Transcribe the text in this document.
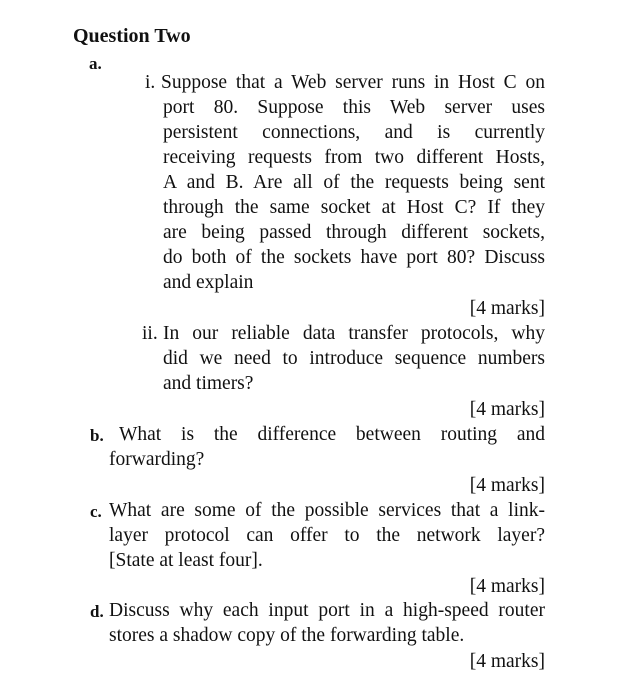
Question Two
a.
i. Suppose that a Web server runs in Host C on
port 80. Suppose this Web server uses
persistent connections, and is currently
receiving requests from two different Hosts,
A and B. Are all of the requests being sent
through the same socket at Host C? If they
are being passed through different sockets,
do both of the sockets have port 80? Discuss
and explain
[4 marks]
ii. In our reliable data transfer protocols, why
did we need to introduce sequence numbers
and timers?
[4 marks]
b. What is the difference between routing and
forwarding?
[4 marks]
c. What are some of the possible services that a link-
layer protocol can offer to the network layer?
[State at least four].
[4 marks]
d. Discuss why each input port in a high-speed router
stores a shadow copy of the forwarding table.
[4 marks]
